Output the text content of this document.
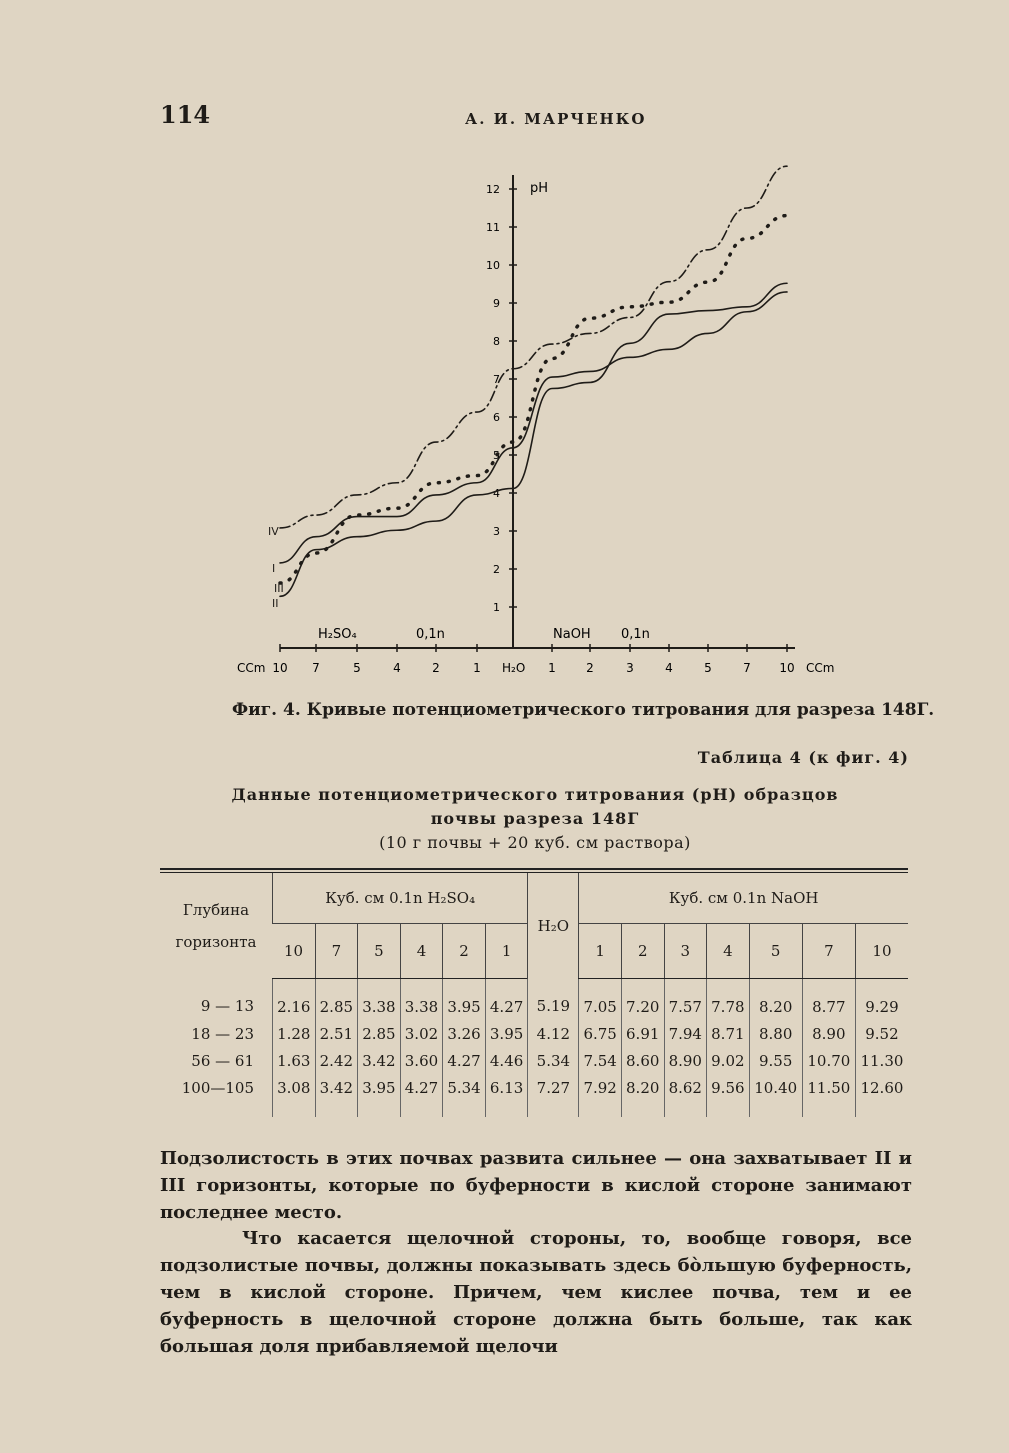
114	А. И. МАРЧЕНКО
10 7	5	4	2	1	1	2	3	4	5	7 10
1
2
3
4
5
6
7
8
9
10
11
12 pH
H₂SO₄	0,1n	NaOH 0,1n
CCm	CCm
H₂O
IV
I
III
II
Фиг. 4. Кривые потенциометрического титрования для разреза 148Г.
Таблица 4 (к фиг. 4)
Данные потенциометрического титрования (pH) образцов
почвы разреза 148Г
(10 г почвы + 20 куб. см раствора)
Глубина
горизонта	Куб. см 0.1n H₂SO₄						H₂O	Куб. см 0.1n NaOH						
	10	7	5	4	2	1		1	2	3	4	5	7	10
9 — 13	2.16	2.85	3.38	3.38	3.95	4.27	5.19	7.05	7.20	7.57	7.78	8.20	8.77	9.29
18 — 23	1.28	2.51	2.85	3.02	3.26	3.95	4.12	6.75	6.91	7.94	8.71	8.80	8.90	9.52
56 — 61	1.63	2.42	3.42	3.60	4.27	4.46	5.34	7.54	8.60	8.90	9.02	9.55	10.70	11.30
100—105	3.08	3.42	3.95	4.27	5.34	6.13	7.27	7.92	8.20	8.62	9.56	10.40	11.50	12.60
Подзолистость в этих почвах развита сильнее — она захватывает II и III горизонты, которые по буферности в кислой стороне занимают последнее место.
Что касается щелочной стороны, то, вообще говоря, все подзолистые почвы, должны показывать здесь бо̀льшую буферность, чем в кислой стороне. Причем, чем кислее почва, тем и ее буферность в щелочной стороне должна быть больше, так как большая доля прибавляемой щелочи
